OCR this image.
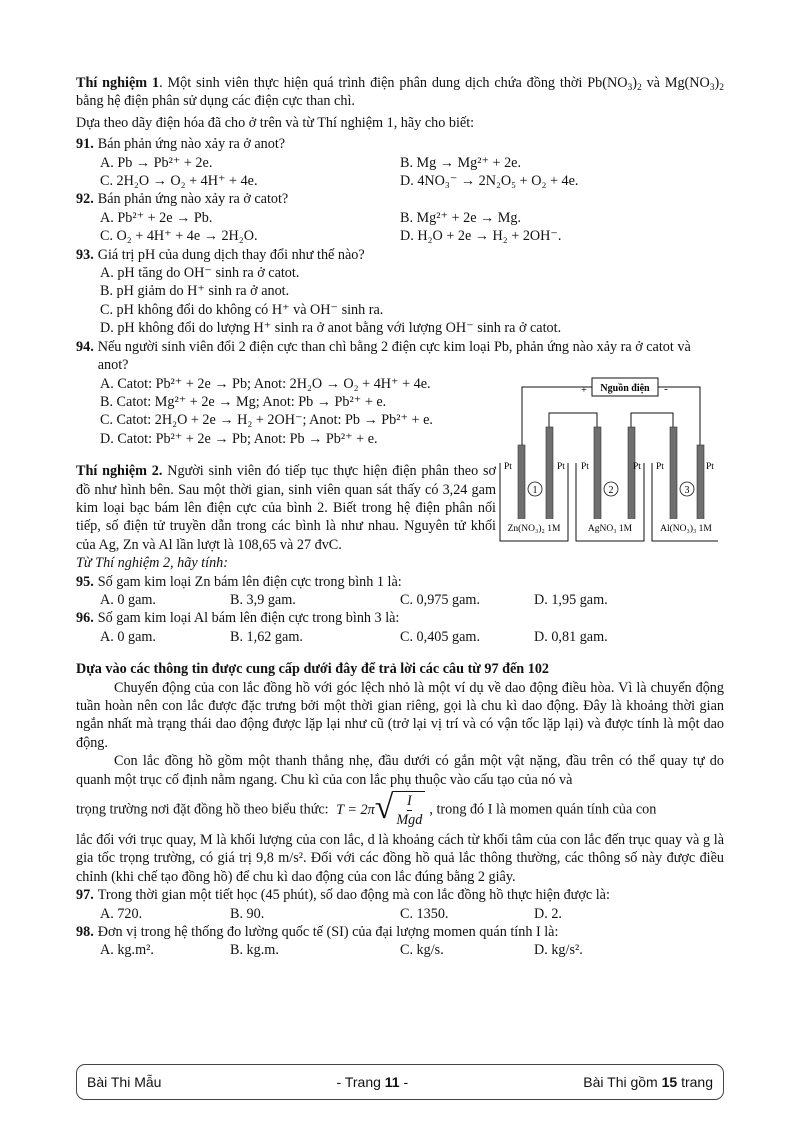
Thí nghiệm 1. Một sinh viên thực hiện quá trình điện phân dung dịch chứa đồng thời $Pb(NO_3)_2$ và $Mg(NO_3)_2$ bằng hệ điện phân sử dụng các điện cực than chì.

Dựa theo dãy điện hóa đã cho ở trên và từ Thí nghiệm 1, hãy cho biết:

91. Bán phản ứng nào xảy ra ở anot?
A. Pb → Pb²⁺ + 2e.	B. Mg → Mg²⁺ + 2e.
C. 2H₂O → O₂ + 4H⁺ + 4e.	D. 4NO₃⁻ → 2N₂O₅ + O₂ + 4e.
92. Bán phản ứng nào xảy ra ở catot?
A. Pb²⁺ + 2e → Pb.	B. Mg²⁺ + 2e → Mg.
C. O₂ + 4H⁺ + 4e → 2H₂O.	D. H₂O + 2e → H₂ + 2OH⁻.
93. Giá trị pH của dung dịch thay đổi như thế nào?
A. pH tăng do OH⁻ sinh ra ở catot.
B. pH giảm do H⁺ sinh ra ở anot.
C. pH không đổi do không có H⁺ và OH⁻ sinh ra.
D. pH không đổi do lượng H⁺ sinh ra ở anot bằng với lượng OH⁻ sinh ra ở catot.
94. Nếu người sinh viên đổi 2 điện cực than chì bằng 2 điện cực kim loại Pb, phản ứng nào xảy ra ở catot và anot?
A. Catot: Pb²⁺ + 2e → Pb; Anot: 2H₂O → O₂ + 4H⁺ + 4e.
B. Catot: Mg²⁺ + 2e → Mg; Anot: Pb → Pb²⁺ + e.
C. Catot: 2H₂O + 2e → H₂ + 2OH⁻; Anot: Pb → Pb²⁺ + e.
D. Catot: Pb²⁺ + 2e → Pb; Anot: Pb → Pb²⁺ + e.

Thí nghiệm 2. Người sinh viên đó tiếp tục thực hiện điện phân theo sơ đồ như hình bên. Sau một thời gian, sinh viên quan sát thấy có 3,24 gam kim loại bạc bám lên điện cực của bình 2. Biết trong hệ điện phân nối tiếp, số điện tử truyền dẫn trong các bình là như nhau. Nguyên tử khối của Ag, Zn và Al lần lượt là 108,65 và 27 đvC.

Nguồn điện
+	-
Pt	Pt Pt	Pt Pt	Pt
1	2	3
Zn(NO₃)₂ 1M	AgNO₃ 1M	Al(NO₃)₃ 1M

Từ Thí nghiệm 2, hãy tính:

95. Số gam kim loại Zn bám lên điện cực trong bình 1 là:
A. 0 gam.	B. 3,9 gam.	C. 0,975 gam.	D. 1,95 gam.
96. Số gam kim loại Al bám lên điện cực trong bình 3 là:
A. 0 gam.	B. 1,62 gam.	C. 0,405 gam.	D. 0,81 gam.

Dựa vào các thông tin được cung cấp dưới đây để trả lời các câu từ 97 đến 102

Chuyển động của con lắc đồng hồ với góc lệch nhỏ là một ví dụ về dao động điều hòa. Vì là chuyển động tuần hoàn nên con lắc được đặc trưng bởi một thời gian riêng, gọi là chu kì dao động. Đây là khoảng thời gian ngắn nhất mà trạng thái dao động được lặp lại như cũ (trở lại vị trí và có vận tốc lặp lại) và được tính là một dao động.

Con lắc đồng hồ gồm một thanh thẳng nhẹ, đầu dưới có gắn một vật nặng, đầu trên có thể quay tự do quanh một trục cố định nằm ngang. Chu kì của con lắc phụ thuộc vào cấu tạo của nó và

trọng trường nơi đặt đồng hồ theo biểu thức: T = 2π √ $\frac{I}{\text{Mgd}}$ , trong đó I là momen quán tính của con

lắc đối với trục quay, M là khối lượng của con lắc, d là khoảng cách từ khối tâm của con lắc đến trục quay và g là gia tốc trọng trường, có giá trị 9,8 m/s². Đối với các đồng hồ quả lắc thông thường, các thông số này được điều chỉnh (khi chế tạo đồng hồ) để chu kì dao động của con lắc đúng bằng 2 giây.

97. Trong thời gian một tiết học (45 phút), số dao động mà con lắc đồng hồ thực hiện được là:
A. 720.	B. 90.	C. 1350.	D. 2.
98. Đơn vị trong hệ thống đo lường quốc tế (SI) của đại lượng momen quán tính I là:
A. kg.m².	B. kg.m.	C. kg/s.	D. kg/s².
Bài Thi Mẫu	- Trang 11 -	Bài Thi gồm 15 trang
